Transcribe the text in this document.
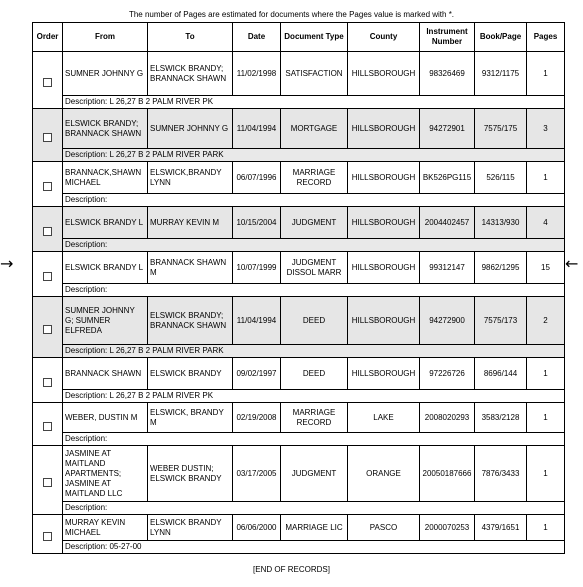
The number of Pages are estimated for documents where the Pages value is marked with *.
Order	From	To	Date	Document Type	County	Instrument Number	Book/Page	Pages
	SUMNER JOHNNY G	ELSWICK BRANDY; BRANNACK SHAWN	11/02/1998	SATISFACTION	HILLSBOROUGH	98326469	9312/1175	1
	Description: L 26,27 B 2 PALM RIVER PK							
	ELSWICK BRANDY; BRANNACK SHAWN	SUMNER JOHNNY G	11/04/1994	MORTGAGE	HILLSBOROUGH	94272901	7575/175	3
	Description: L 26,27 B 2 PALM RIVER PARK							
	BRANNACK,SHAWN MICHAEL	ELSWICK,BRANDY LYNN	06/07/1996	MARRIAGE RECORD	HILLSBOROUGH	BK526PG115	526/115	1
	Description:							
	ELSWICK BRANDY L	MURRAY KEVIN M	10/15/2004	JUDGMENT	HILLSBOROUGH	2004402457	14313/930	4
	Description:							
	ELSWICK BRANDY L	BRANNACK SHAWN M	10/07/1999	JUDGMENT DISSOL MARR	HILLSBOROUGH	99312147	9862/1295	15
	Description:							
	SUMNER JOHNNY G; SUMNER ELFREDA	ELSWICK BRANDY; BRANNACK SHAWN	11/04/1994	DEED	HILLSBOROUGH	94272900	7575/173	2
	Description: L 26,27 B 2 PALM RIVER PARK							
	BRANNACK SHAWN	ELSWICK BRANDY	09/02/1997	DEED	HILLSBOROUGH	97226726	8696/144	1
	Description: L 26,27 B 2 PALM RIVER PK							
	WEBER, DUSTIN M	ELSWICK, BRANDY M	02/19/2008	MARRIAGE RECORD	LAKE	2008020293	3583/2128	1
	Description:							
	JASMINE AT MAITLAND APARTMENTS; JASMINE AT MAITLAND LLC	WEBER DUSTIN; ELSWICK BRANDY	03/17/2005	JUDGMENT	ORANGE	20050187666	7876/3433	1
	Description:							
	MURRAY KEVIN MICHAEL	ELSWICK BRANDY LYNN	06/06/2000	MARRIAGE LIC	PASCO	2000070253	4379/1651	1
	Description: 05-27-00							
→	←
[END OF RECORDS]
